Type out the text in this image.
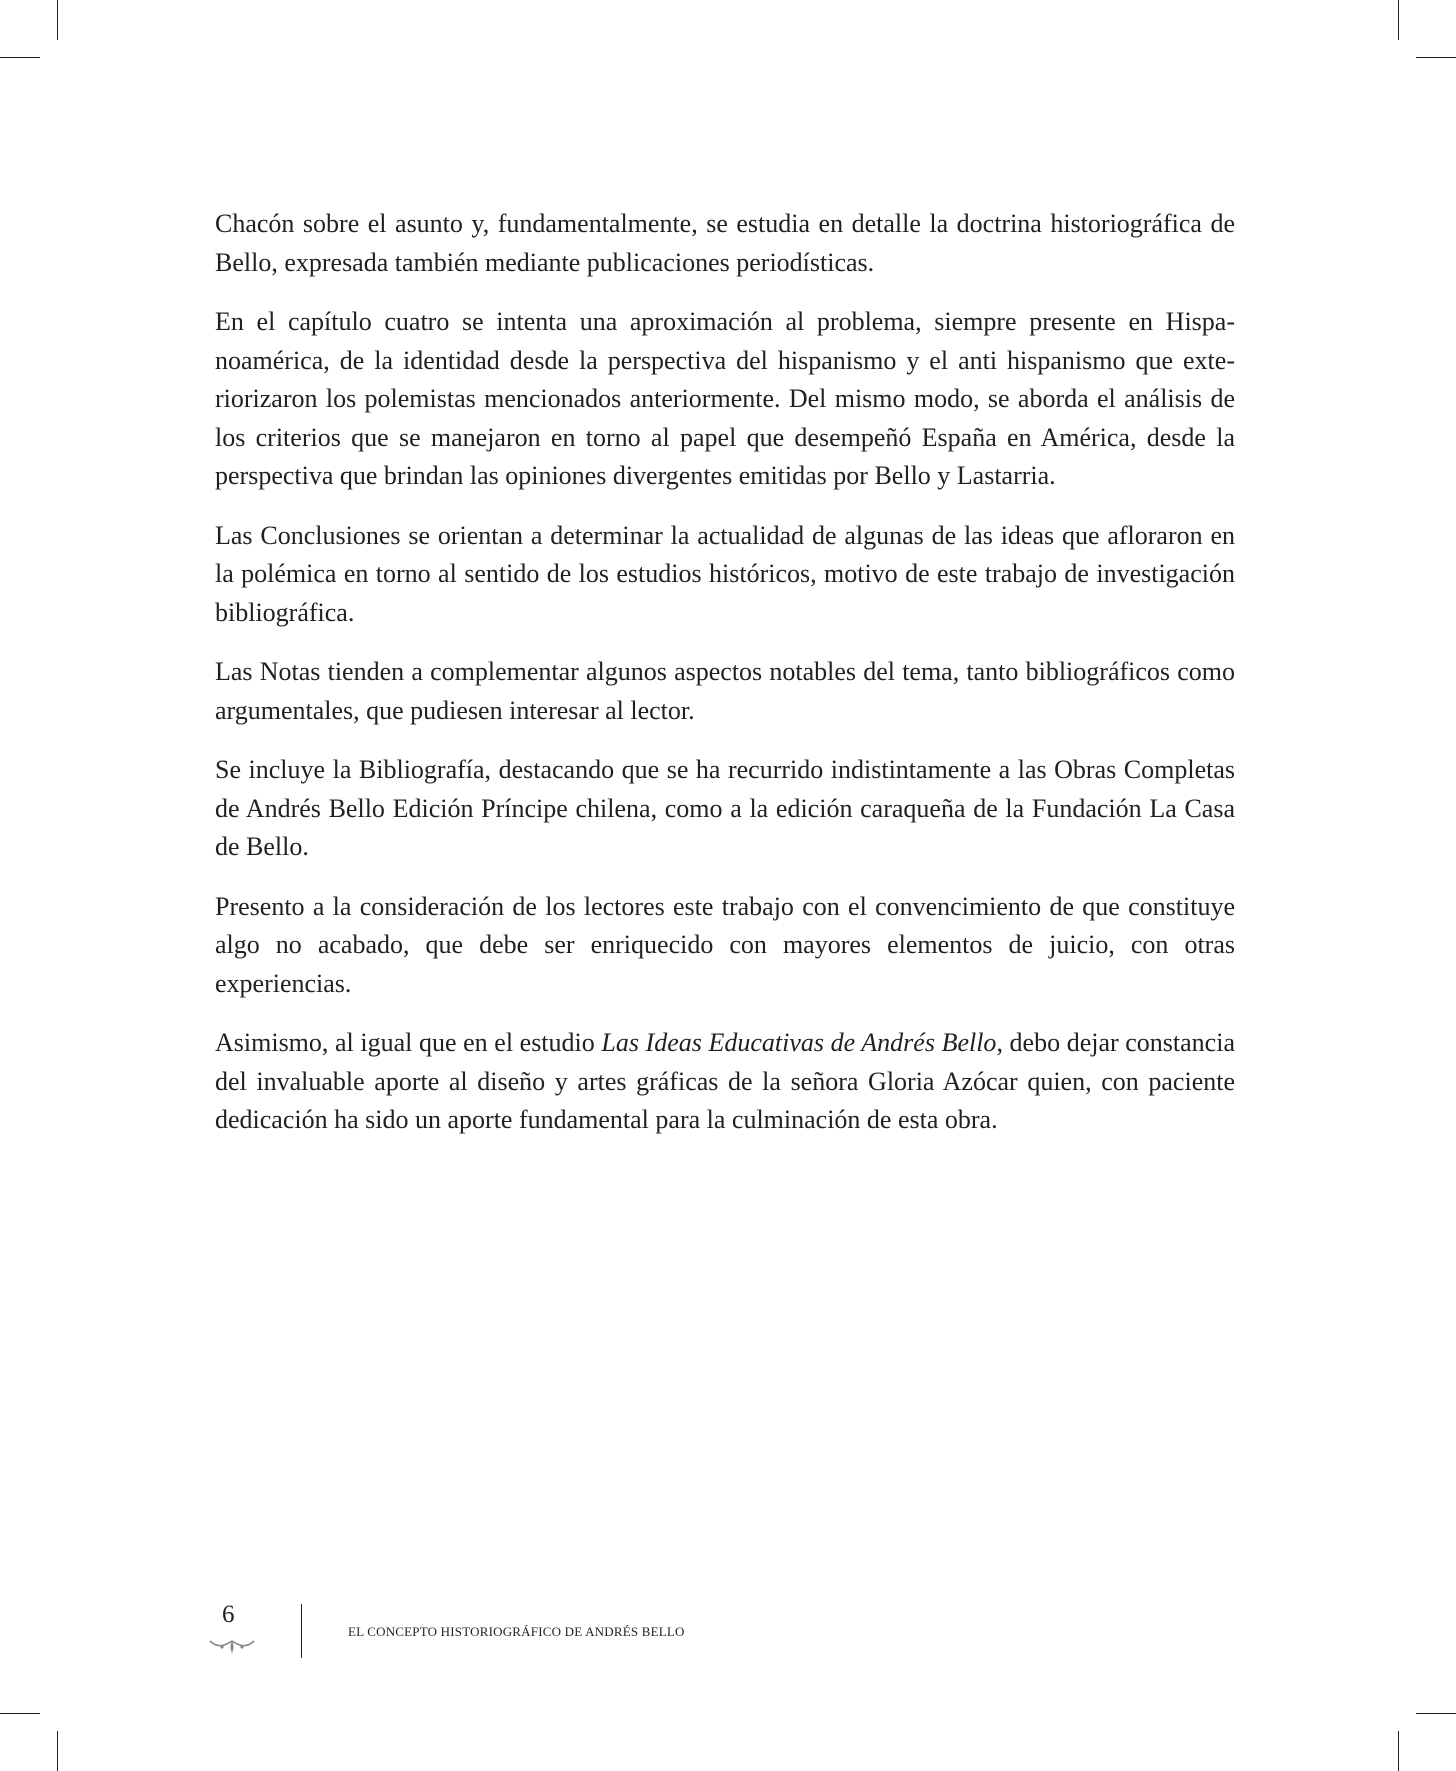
Chacón sobre el asunto y, fundamentalmente, se estudia en detalle la doctrina historiográfica de Bello, expresada también mediante publicaciones periodísticas.

En el capítulo cuatro se intenta una aproximación al problema, siempre presente en Hispanoamérica, de la identidad desde la perspectiva del hispanismo y el anti hispanismo que exteriorizaron los polemistas mencionados anteriormente. Del mismo modo, se aborda el análisis de los criterios que se manejaron en torno al papel que desempeñó España en América, desde la perspectiva que brindan las opiniones divergentes emitidas por Bello y Lastarria.

Las Conclusiones se orientan a determinar la actualidad de algunas de las ideas que afloraron en la polémica en torno al sentido de los estudios históricos, motivo de este trabajo de investigación bibliográfica.

Las Notas tienden a complementar algunos aspectos notables del tema, tanto bibliográficos como argumentales, que pudiesen interesar al lector.

Se incluye la Bibliografía, destacando que se ha recurrido indistintamente a las Obras Completas de Andrés Bello Edición Príncipe chilena, como a la edición caraqueña de la Fundación La Casa de Bello.

Presento a la consideración de los lectores este trabajo con el convencimiento de que constituye algo no acabado, que debe ser enriquecido con mayores elementos de juicio, con otras experiencias.

Asimismo, al igual que en el estudio Las Ideas Educativas de Andrés Bello, debo dejar constancia del invaluable aporte al diseño y artes gráficas de la señora Gloria Azócar quien, con paciente dedicación ha sido un aporte fundamental para la culminación de esta obra.

6
EL CONCEPTO HISTORIOGRÁFICO DE ANDRÉS BELLO
